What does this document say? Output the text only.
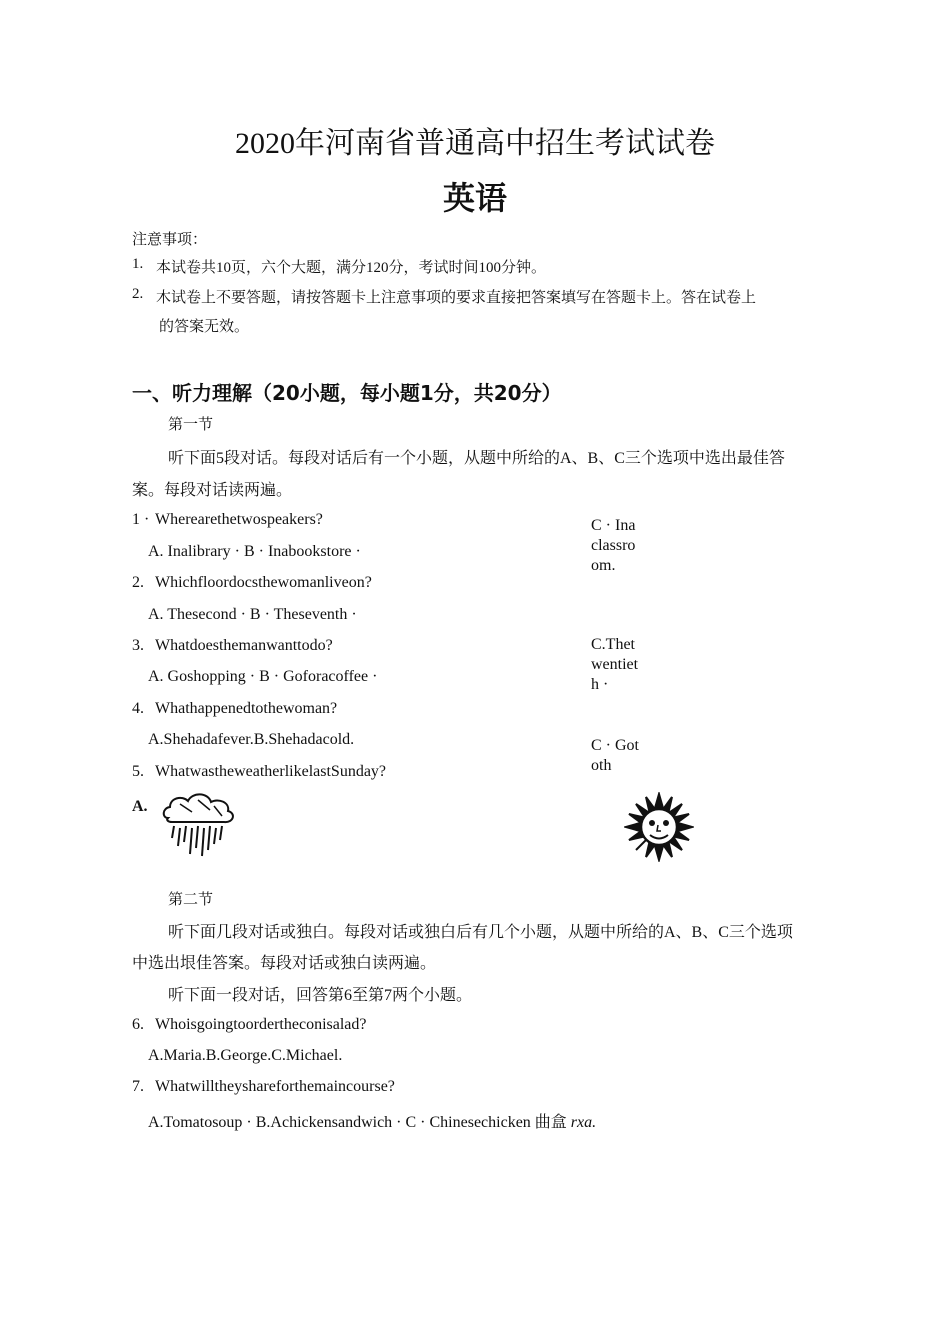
2020年河南省普通高中招生考试试卷
英语
注意事项：
1. 本试卷共10页，六个大题，满分120分，考试时间100分钟。
2. 木试卷上不要答题，请按答题卡上注意事项的要求直接把答案填写在答题卡上。答在试卷上
的答案无效。
一、听力理解（20小题，每小题1分，共20分）
第一节
听下面5段对话。每段对话后有一个小题，从题中所给的A、B、C三个选项中选出最佳答
案。每段对话读两遍。
1 · Wherearethetwospeakers?
A. Inalibrary · B · Inabookstore ·
2. Whichfloordocsthewomanliveon?
A. Thesecond · B · Theseventh ·
3. Whatdoesthemanwanttodo?
A. Goshopping · B · Goforacoffee ·
4. Whathappenedtothewoman?
A.Shehadafever.B.Shehadacold.
5. WhatwastheweatherlikelastSunday?
C · Inaclassroom.
C.Thetwentieth ·
C · Gototh
A.
第二节
听下面几段对话或独白。每段对话或独白后有几个小题，从题中所给的A、B、C三个选项
中选出垠佳答案。每段对话或独白读两遍。
听下面一段对话，回答第6至第7两个小题。
6. Whoisgoingtoordertheconisalad?
A.Maria.B.George.C.Michael.
7. Whatwilltheyshareforthemaincourse?
A.Tomatosoup · B.Achickensandwich · C · Chinesechicken 曲盒 rxa.
